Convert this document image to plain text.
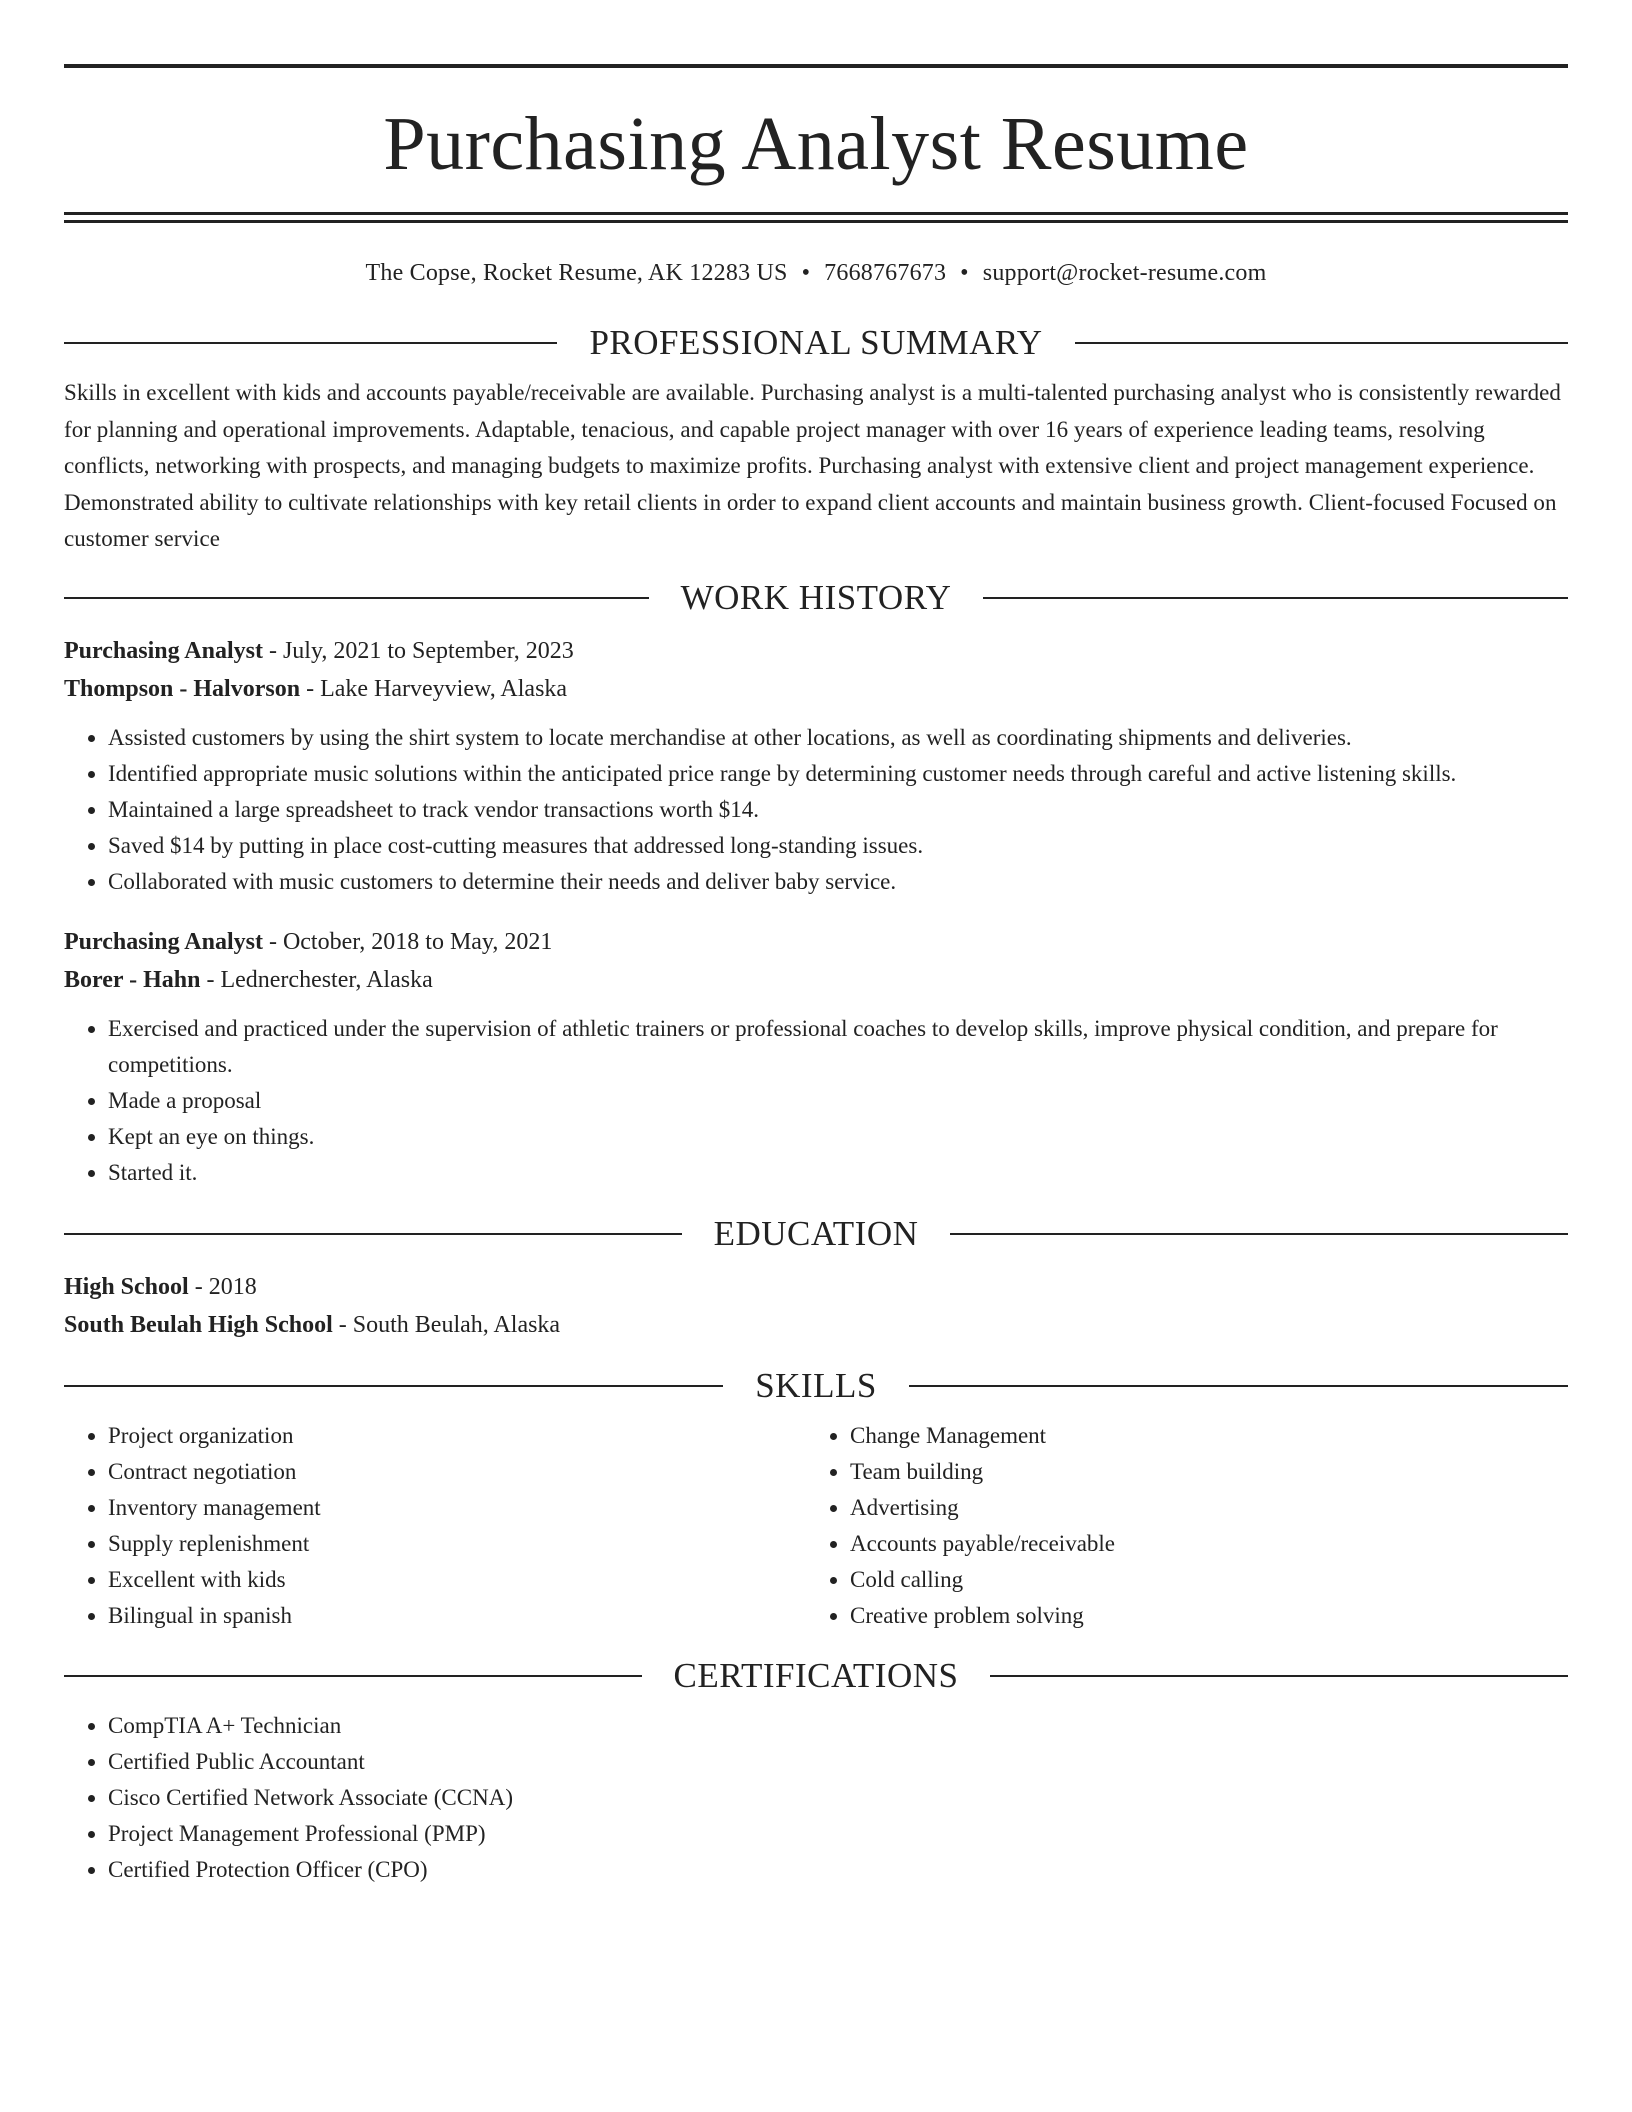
Purchasing Analyst Resume
The Copse, Rocket Resume, AK 12283 US • 7668767673 • support@rocket-resume.com
PROFESSIONAL SUMMARY
Skills in excellent with kids and accounts payable/receivable are available. Purchasing analyst is a multi-talented purchasing analyst who is consistently rewarded for planning and operational improvements. Adaptable, tenacious, and capable project manager with over 16 years of experience leading teams, resolving conflicts, networking with prospects, and managing budgets to maximize profits. Purchasing analyst with extensive client and project management experience. Demonstrated ability to cultivate relationships with key retail clients in order to expand client accounts and maintain business growth. Client-focused Focused on customer service
WORK HISTORY
Purchasing Analyst - July, 2021 to September, 2023
Thompson - Halvorson - Lake Harveyview, Alaska
• Assisted customers by using the shirt system to locate merchandise at other locations, as well as coordinating shipments and deliveries.
• Identified appropriate music solutions within the anticipated price range by determining customer needs through careful and active listening skills.
• Maintained a large spreadsheet to track vendor transactions worth $14.
• Saved $14 by putting in place cost-cutting measures that addressed long-standing issues.
• Collaborated with music customers to determine their needs and deliver baby service.
Purchasing Analyst - October, 2018 to May, 2021
Borer - Hahn - Lednerchester, Alaska
• Exercised and practiced under the supervision of athletic trainers or professional coaches to develop skills, improve physical condition, and prepare for competitions.
• Made a proposal
• Kept an eye on things.
• Started it.
EDUCATION
High School - 2018
South Beulah High School - South Beulah, Alaska
SKILLS
• Project organization
• Contract negotiation
• Inventory management
• Supply replenishment
• Excellent with kids
• Bilingual in spanish
• Change Management
• Team building
• Advertising
• Accounts payable/receivable
• Cold calling
• Creative problem solving
CERTIFICATIONS
• CompTIA A+ Technician
• Certified Public Accountant
• Cisco Certified Network Associate (CCNA)
• Project Management Professional (PMP)
• Certified Protection Officer (CPO)
